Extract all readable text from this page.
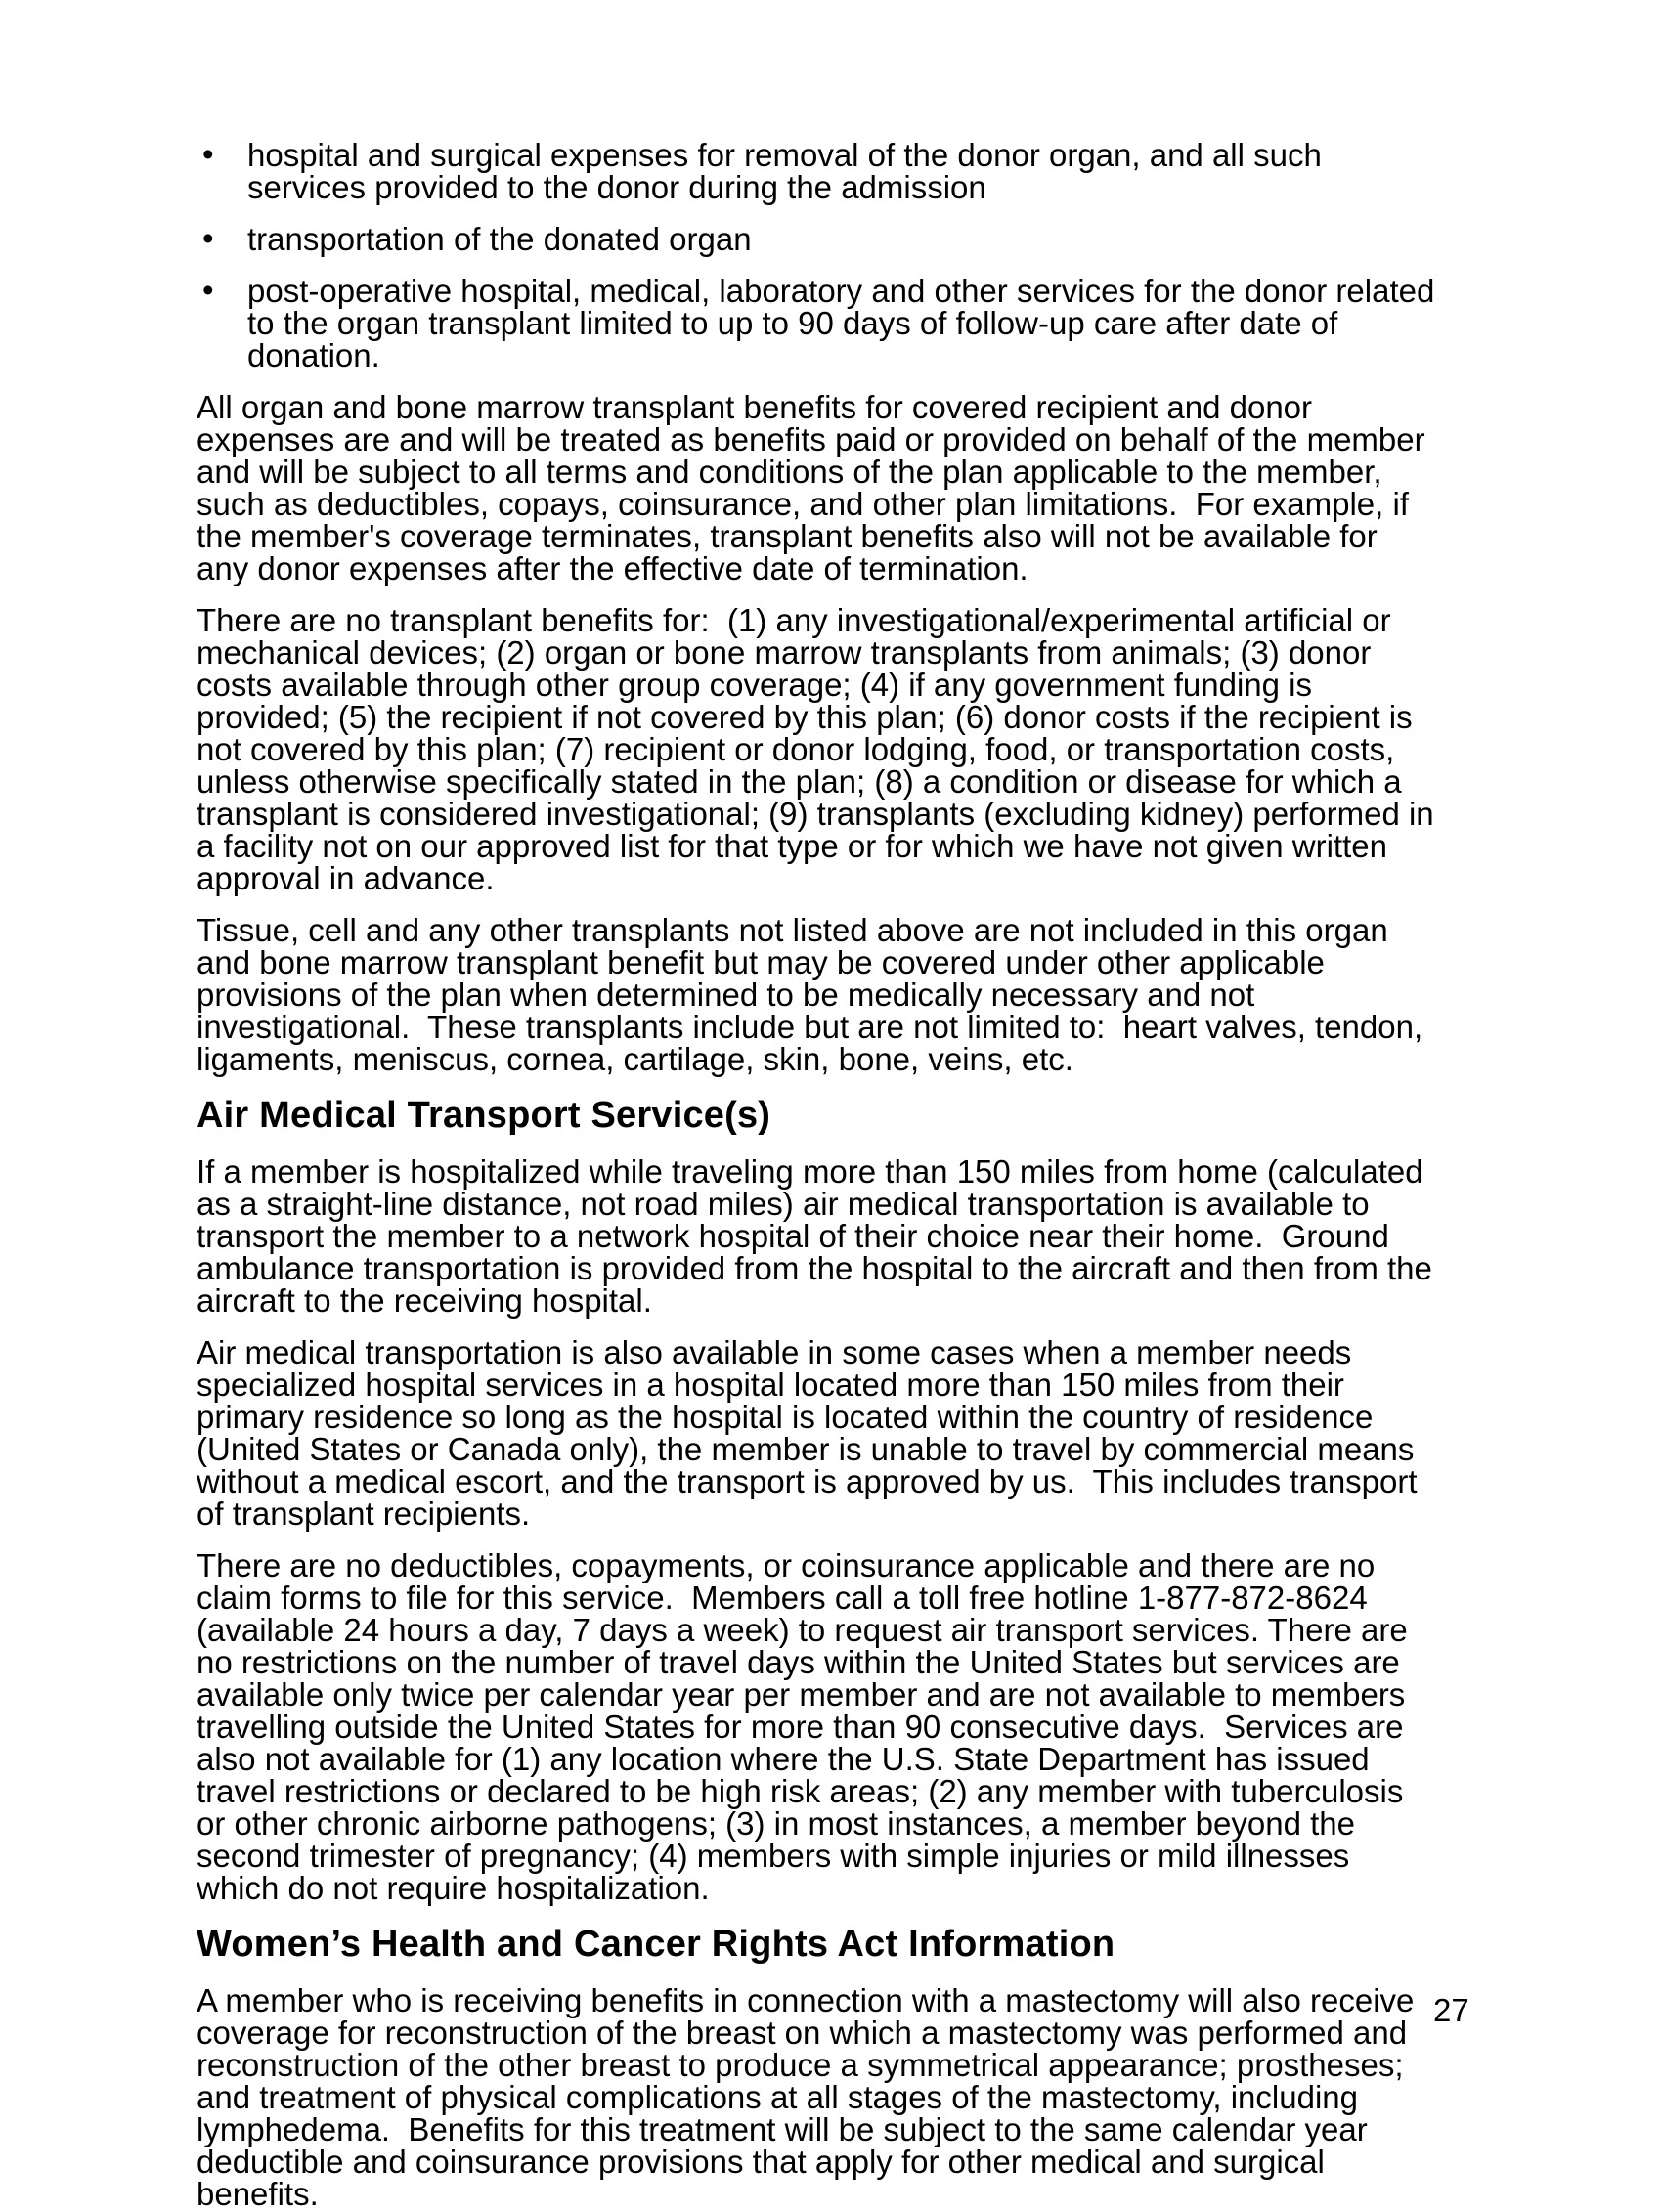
• hospital and surgical expenses for removal of the donor organ, and all such services provided to the donor during the admission
• transportation of the donated organ
• post-operative hospital, medical, laboratory and other services for the donor related to the organ transplant limited to up to 90 days of follow-up care after date of donation.

All organ and bone marrow transplant benefits for covered recipient and donor expenses are and will be treated as benefits paid or provided on behalf of the member and will be subject to all terms and conditions of the plan applicable to the member, such as deductibles, copays, coinsurance, and other plan limitations.  For example, if the member's coverage terminates, transplant benefits also will not be available for any donor expenses after the effective date of termination.

There are no transplant benefits for:  (1) any investigational/experimental artificial or mechanical devices; (2) organ or bone marrow transplants from animals; (3) donor costs available through other group coverage; (4) if any government funding is provided; (5) the recipient if not covered by this plan; (6) donor costs if the recipient is not covered by this plan; (7) recipient or donor lodging, food, or transportation costs, unless otherwise specifically stated in the plan; (8) a condition or disease for which a transplant is considered investigational; (9) transplants (excluding kidney) performed in a facility not on our approved list for that type or for which we have not given written approval in advance.

Tissue, cell and any other transplants not listed above are not included in this organ and bone marrow transplant benefit but may be covered under other applicable provisions of the plan when determined to be medically necessary and not investigational.  These transplants include but are not limited to:  heart valves, tendon, ligaments, meniscus, cornea, cartilage, skin, bone, veins, etc.

Air Medical Transport Service(s)

If a member is hospitalized while traveling more than 150 miles from home (calculated as a straight-line distance, not road miles) air medical transportation is available to transport the member to a network hospital of their choice near their home.  Ground ambulance transportation is provided from the hospital to the aircraft and then from the aircraft to the receiving hospital.

Air medical transportation is also available in some cases when a member needs specialized hospital services in a hospital located more than 150 miles from their primary residence so long as the hospital is located within the country of residence (United States or Canada only), the member is unable to travel by commercial means without a medical escort, and the transport is approved by us.  This includes transport of transplant recipients.

There are no deductibles, copayments, or coinsurance applicable and there are no claim forms to file for this service.  Members call a toll free hotline 1-877-872-8624 (available 24 hours a day, 7 days a week) to request air transport services. There are no restrictions on the number of travel days within the United States but services are available only twice per calendar year per member and are not available to members travelling outside the United States for more than 90 consecutive days.  Services are also not available for (1) any location where the U.S. State Department has issued travel restrictions or declared to be high risk areas; (2) any member with tuberculosis or other chronic airborne pathogens; (3) in most instances, a member beyond the second trimester of pregnancy; (4) members with simple injuries or mild illnesses which do not require hospitalization.

Women’s Health and Cancer Rights Act Information

A member who is receiving benefits in connection with a mastectomy will also receive coverage for reconstruction of the breast on which a mastectomy was performed and reconstruction of the other breast to produce a symmetrical appearance; prostheses; and treatment of physical complications at all stages of the mastectomy, including lymphedema.  Benefits for this treatment will be subject to the same calendar year deductible and coinsurance provisions that apply for other medical and surgical benefits.

27
